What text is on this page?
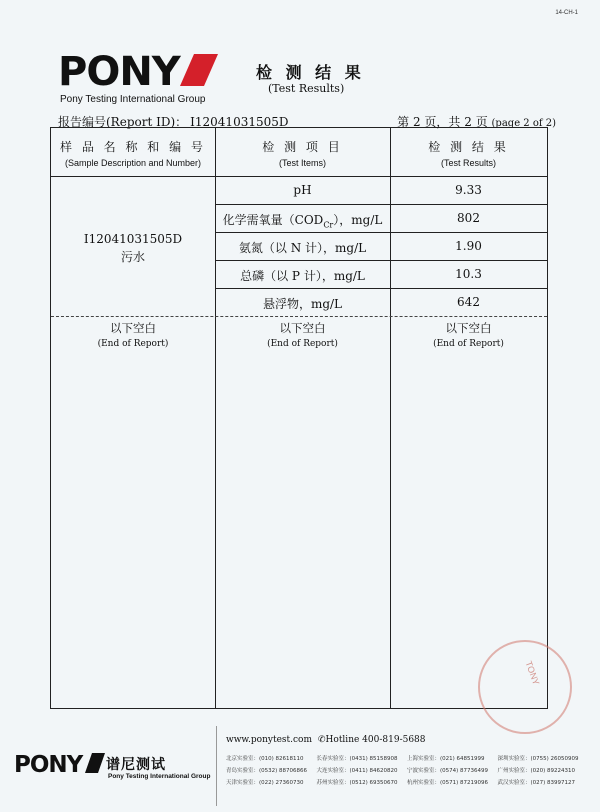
14-CH-1
PONY
Pony Testing International Group
检 测 结 果
(Test Results)
报告编号(Report ID)： I12041031505D	第 2 页，共 2 页 (page 2 of 2)
样 品 名 称 和 编 号
(Sample Description and Number)
检 测 项 目
(Test Items)
检 测 结 果
(Test Results)
I12041031505D
污水
pH	9.33
化学需氧量$(COD_{Cr})$，mg/L	802
氨氮（以 N 计），mg/L	1.90
总磷（以 P 计），mg/L	10.3
悬浮物，mg/L	642
以下空白
(End of Report)
以下空白
(End of Report)
以下空白
(End of Report)
TONY
PONY 谱尼测试
Pony Testing International Group
www.ponytest.com ✆Hotline 400-819-5688
北京实验室：(010) 82618110	长春实验室：(0431) 85158908	上海实验室：(021) 64851999	深圳实验室：(0755) 26050909
青岛实验室：(0532) 88706866	大连实验室：(0411) 84620820	宁波实验室：(0574) 87736499	广州实验室：(020) 89224310
天津实验室：(022) 27360730	苏州实验室：(0512) 69350670	杭州实验室：(0571) 87219096	武汉实验室：(027) 83997127
